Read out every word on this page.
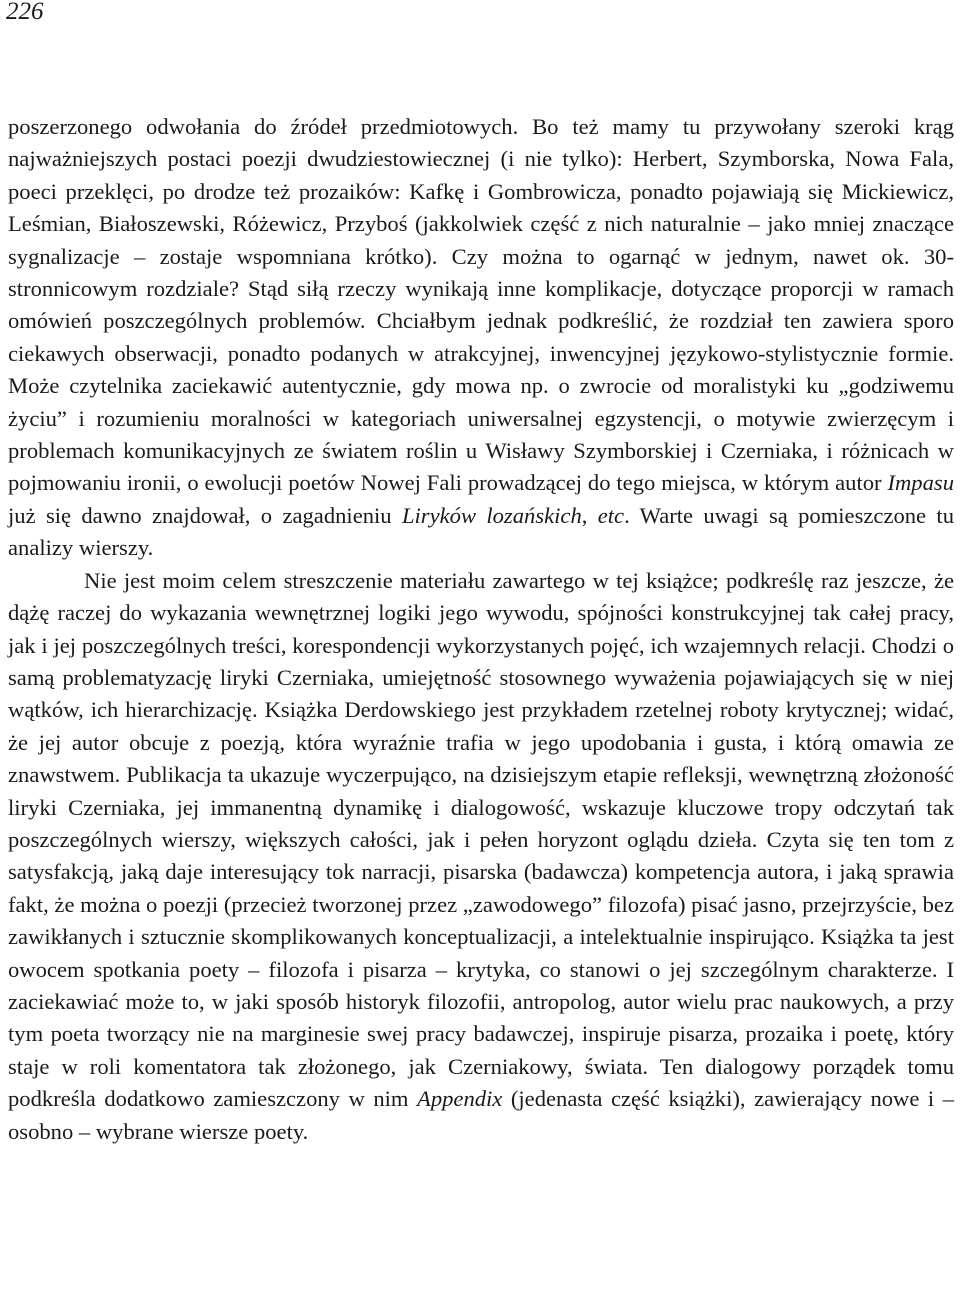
226

poszerzonego odwołania do źródeł przedmiotowych. Bo też mamy tu przywołany szeroki krąg najważniejszych postaci poezji dwudziestowiecznej (i nie tylko): Herbert, Szymborska, Nowa Fala, poeci przeklęci, po drodze też prozaików: Kafkę i Gombrowicza, ponadto pojawiają się Mickiewicz, Leśmian, Białoszewski, Różewicz, Przyboś (jakkolwiek część z nich naturalnie – jako mniej znaczące sygnalizacje – zostaje wspomniana krótko). Czy można to ogarnąć w jednym, nawet ok. 30-stronnicowym rozdziale? Stąd siłą rzeczy wynikają inne komplikacje, dotyczące proporcji w ramach omówień poszczególnych problemów. Chciałbym jednak podkreślić, że rozdział ten zawiera sporo ciekawych obserwacji, ponadto podanych w atrakcyjnej, inwencyjnej językowo-stylistycznie formie. Może czytelnika zaciekawić autentycznie, gdy mowa np. o zwrocie od moralistyki ku „godziwemu życiu” i rozumieniu moralności w kategoriach uniwersalnej egzystencji, o motywie zwierzęcym i problemach komunikacyjnych ze światem roślin u Wisławy Szymborskiej i Czerniaka, i różnicach w pojmowaniu ironii, o ewolucji poetów Nowej Fali prowadzącej do tego miejsca, w którym autor Impasu już się dawno znajdował, o zagadnieniu Liryków lozańskich, etc. Warte uwagi są pomieszczone tu analizy wierszy.

Nie jest moim celem streszczenie materiału zawartego w tej książce; podkreślę raz jeszcze, że dążę raczej do wykazania wewnętrznej logiki jego wywodu, spójności konstrukcyjnej tak całej pracy, jak i jej poszczególnych treści, korespondencji wykorzystanych pojęć, ich wzajemnych relacji. Chodzi o samą problematyzację liryki Czerniaka, umiejętność stosownego wyważenia pojawiających się w niej wątków, ich hierarchizację. Książka Derdowskiego jest przykładem rzetelnej roboty krytycznej; widać, że jej autor obcuje z poezją, która wyraźnie trafia w jego upodobania i gusta, i którą omawia ze znawstwem. Publikacja ta ukazuje wyczerpująco, na dzisiejszym etapie refleksji, wewnętrzną złożoność liryki Czerniaka, jej immanentną dynamikę i dialogowość, wskazuje kluczowe tropy odczytań tak poszczególnych wierszy, większych całości, jak i pełen horyzont oglądu dzieła. Czyta się ten tom z satysfakcją, jaką daje interesujący tok narracji, pisarska (badawcza) kompetencja autora, i jaką sprawia fakt, że można o poezji (przecież tworzonej przez „zawodowego” filozofa) pisać jasno, przejrzyście, bez zawikłanych i sztucznie skomplikowanych konceptualizacji, a intelektualnie inspirująco. Książka ta jest owocem spotkania poety – filozofa i pisarza – krytyka, co stanowi o jej szczególnym charakterze. I zaciekawiać może to, w jaki sposób historyk filozofii, antropolog, autor wielu prac naukowych, a przy tym poeta tworzący nie na marginesie swej pracy badawczej, inspiruje pisarza, prozaika i poetę, który staje w roli komentatora tak złożonego, jak Czerniakowy, świata. Ten dialogowy porządek tomu podkreśla dodatkowo zamieszczony w nim Appendix (jedenasta część książki), zawierający nowe i – osobno – wybrane wiersze poety.
